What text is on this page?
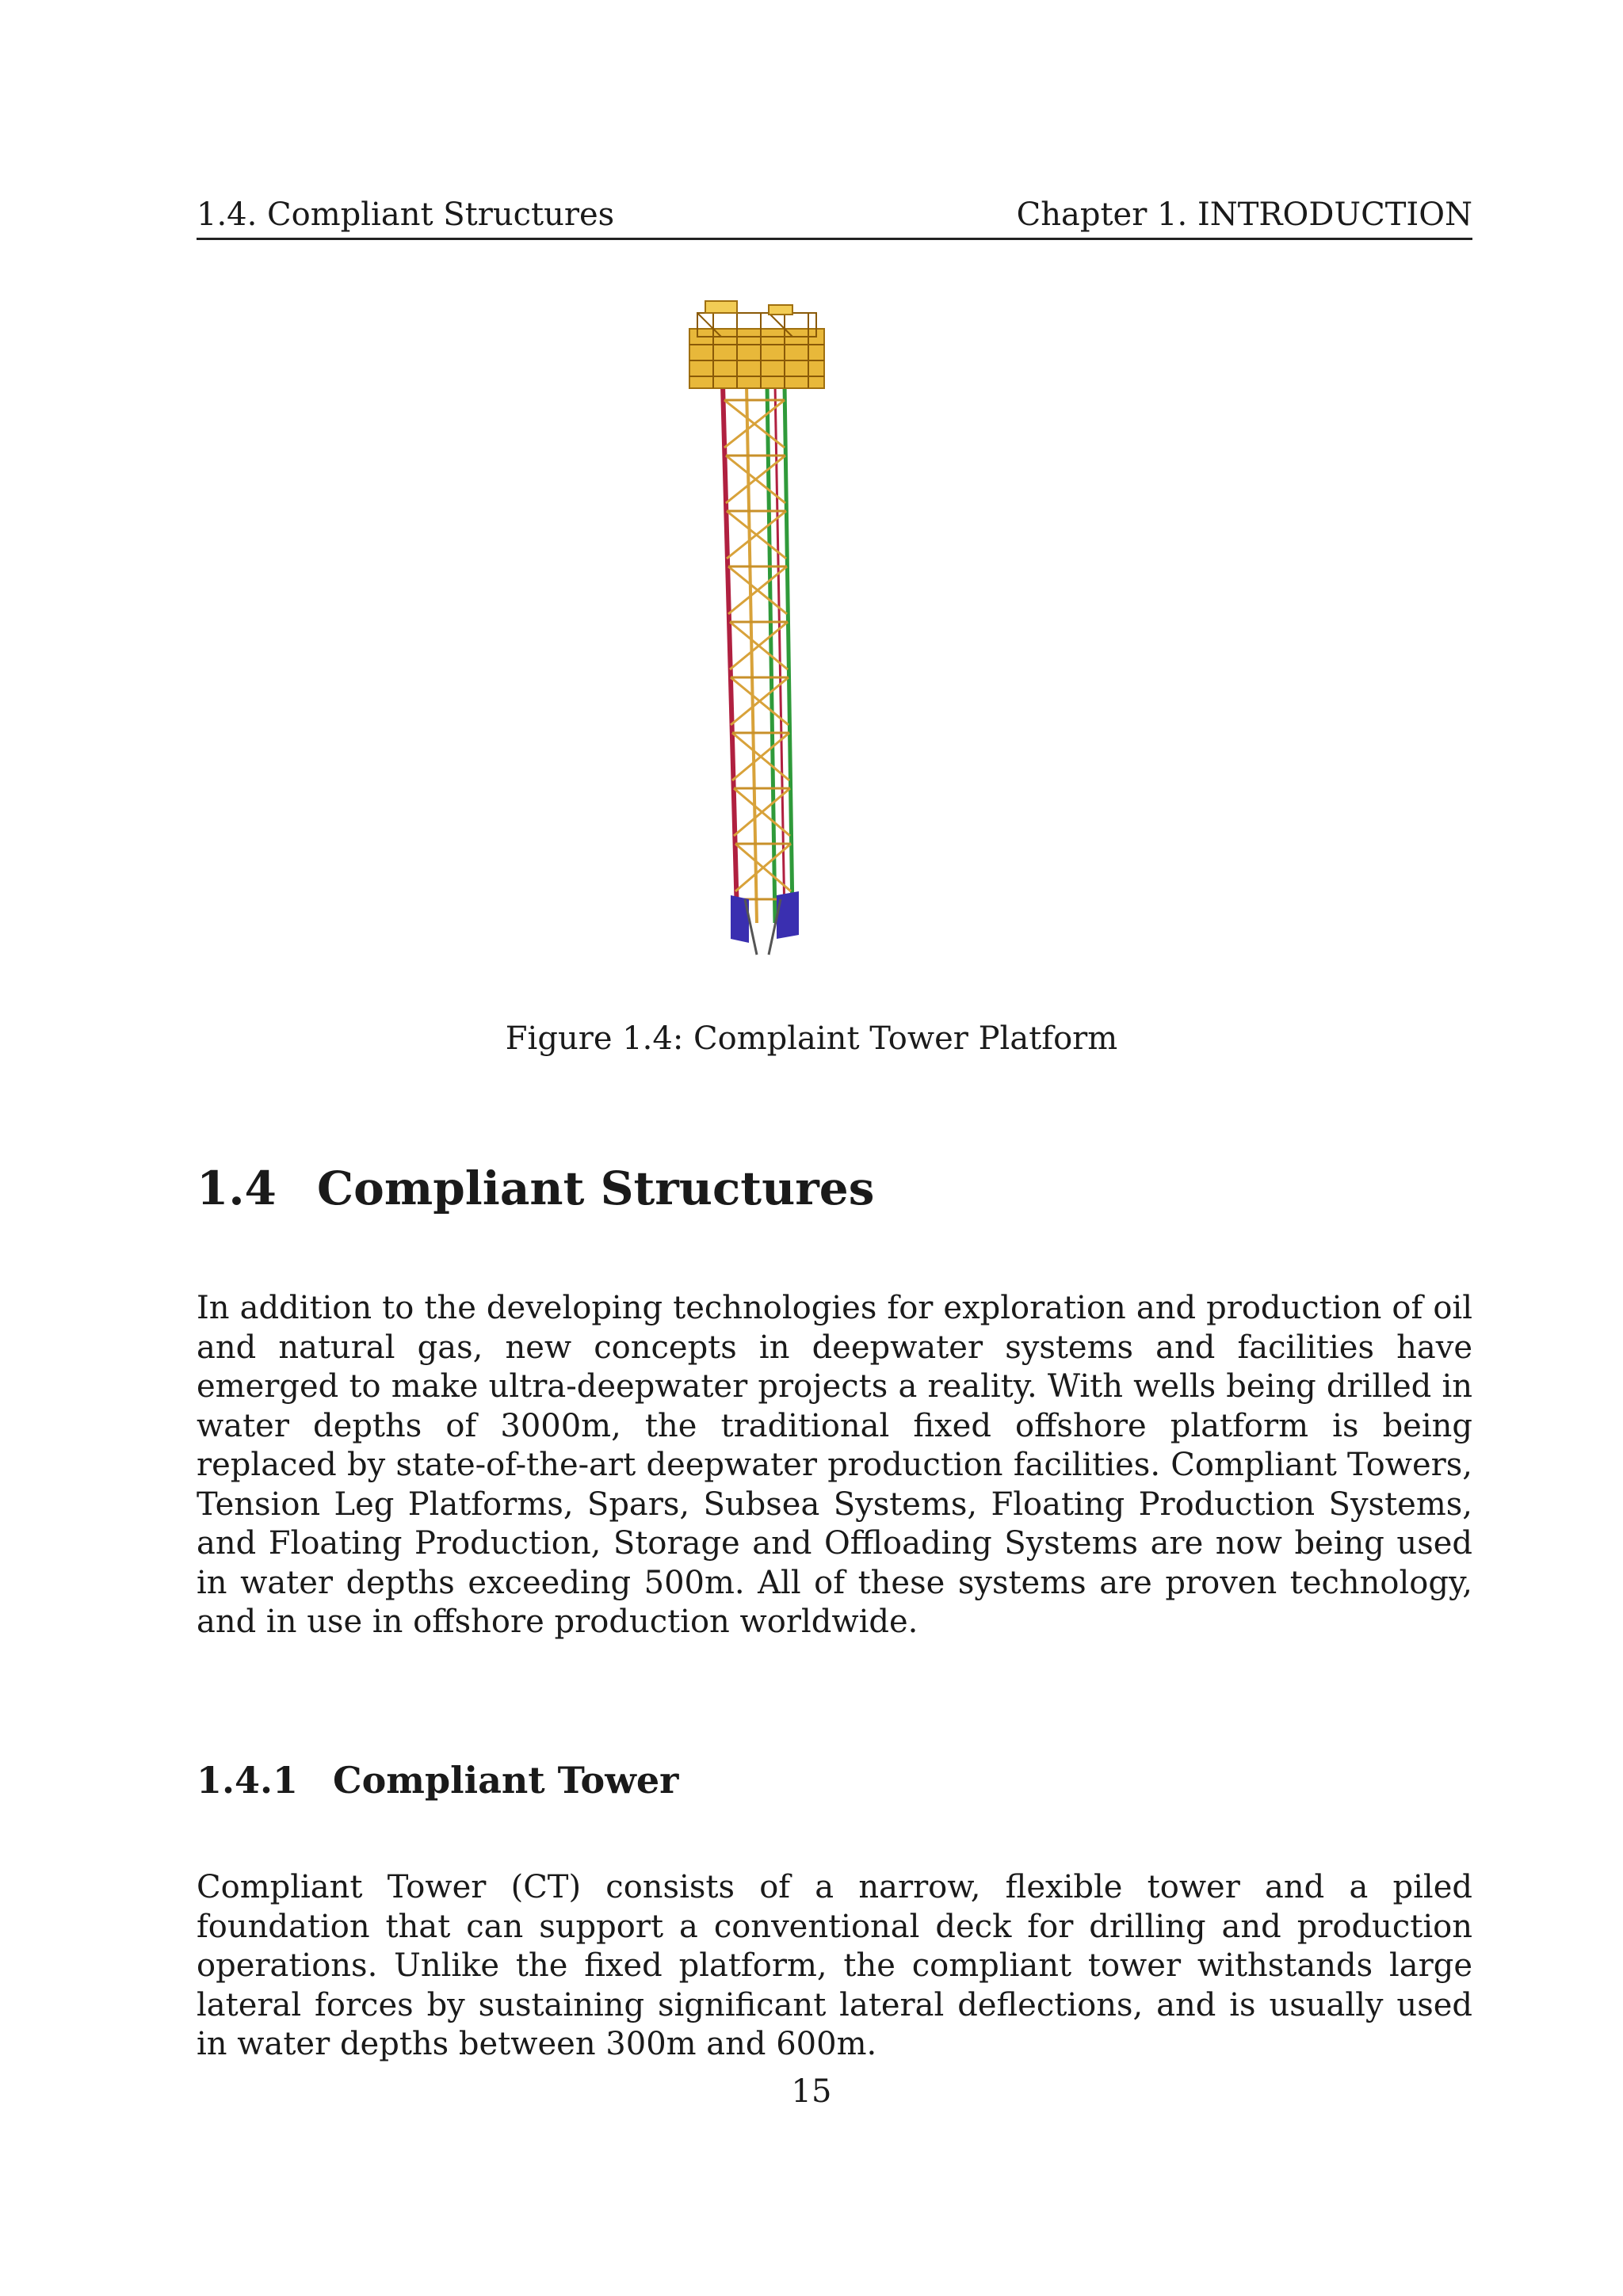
1.4. Compliant Structures	Chapter 1. INTRODUCTION
Figure 1.4: Complaint Tower Platform
1.4 Compliant Structures

In addition to the developing technologies for exploration and production of oil and natural gas, new concepts in deepwater systems and facilities have emerged to make ultra-deepwater projects a reality. With wells being drilled in water depths of 3000m, the traditional fixed offshore platform is being replaced by state-of-the-art deepwater production facilities. Compliant Towers, Tension Leg Platforms, Spars, Subsea Systems, Floating Production Systems, and Floating Production, Storage and Offloading Systems are now being used in water depths exceeding 500m. All of these systems are proven technology, and in use in offshore production worldwide.

1.4.1 Compliant Tower

Compliant Tower (CT) consists of a narrow, flexible tower and a piled foundation that can support a conventional deck for drilling and production operations. Unlike the fixed platform, the compliant tower withstands large lateral forces by sustaining significant lateral deflections, and is usually used in water depths between 300m and 600m.

15
